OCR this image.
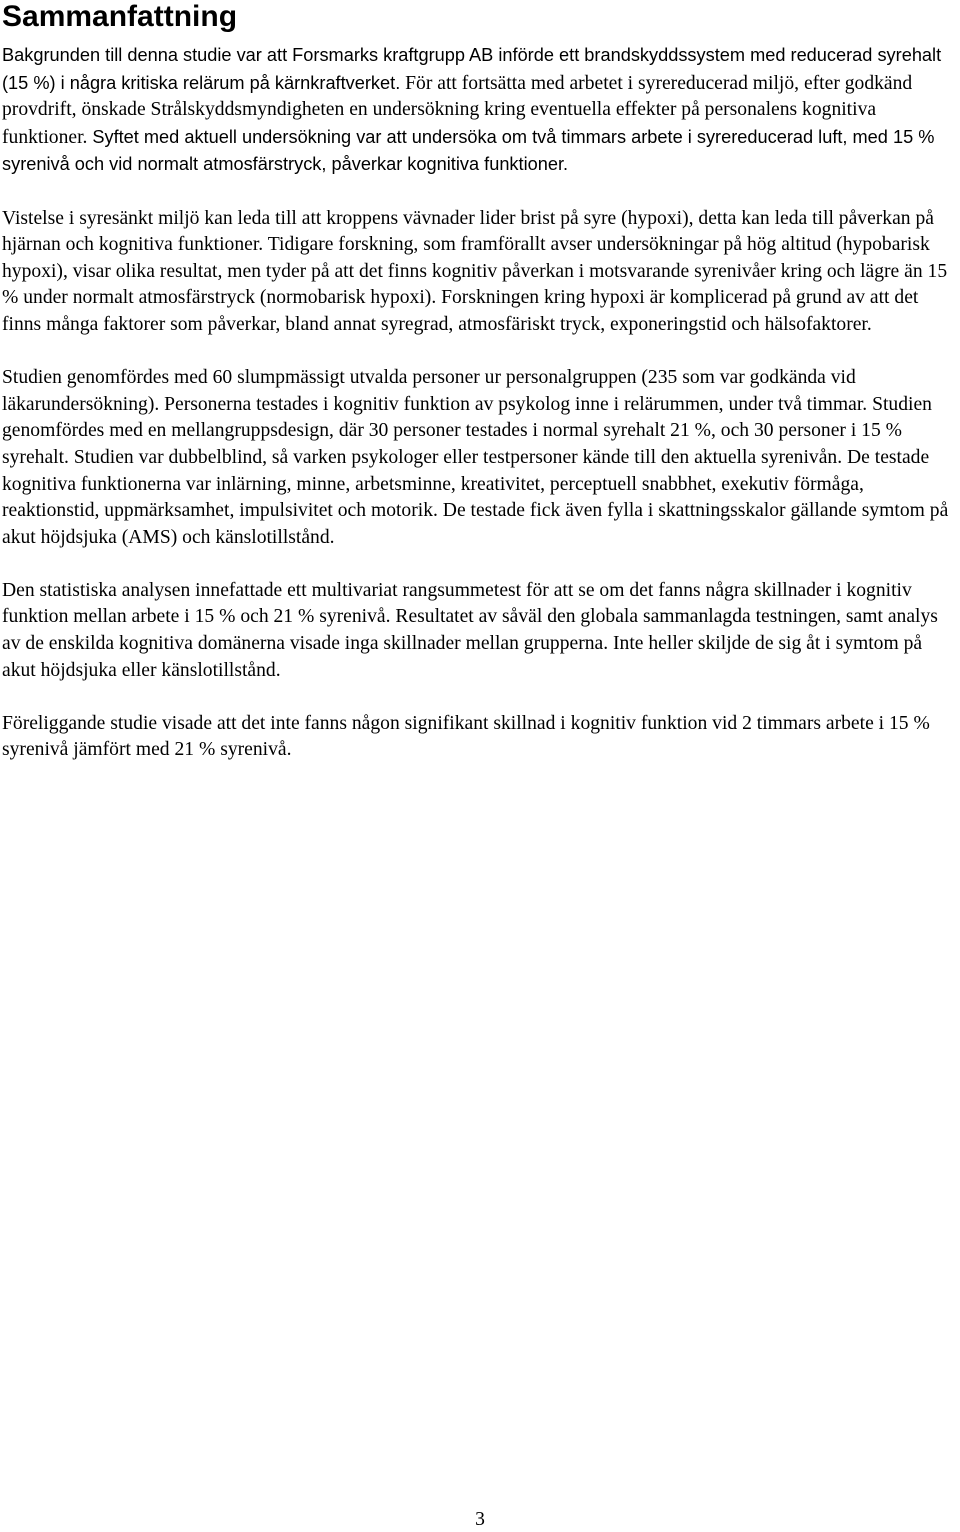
Sammanfattning

Bakgrunden till denna studie var att Forsmarks kraftgrupp AB införde ett brandskyddssystem med reducerad syrehalt (15 %) i några kritiska relärum på kärnkraftverket. För att fortsätta med arbetet i syrereducerad miljö, efter godkänd provdrift, önskade Strålskyddsmyndigheten en undersökning kring eventuella effekter på personalens kognitiva funktioner. Syftet med aktuell undersökning var att undersöka om två timmars arbete i syrereducerad luft, med 15 % syrenivå och vid normalt atmosfärstryck, påverkar kognitiva funktioner.

Vistelse i syresänkt miljö kan leda till att kroppens vävnader lider brist på syre (hypoxi), detta kan leda till påverkan på hjärnan och kognitiva funktioner. Tidigare forskning, som framförallt avser undersökningar på hög altitud (hypobarisk hypoxi), visar olika resultat, men tyder på att det finns kognitiv påverkan i motsvarande syrenivåer kring och lägre än 15 % under normalt atmosfärstryck (normobarisk hypoxi). Forskningen kring hypoxi är komplicerad på grund av att det finns många faktorer som påverkar, bland annat syregrad, atmosfäriskt tryck, exponeringstid och hälsofaktorer.

Studien genomfördes med 60 slumpmässigt utvalda personer ur personalgruppen (235 som var godkända vid läkarundersökning). Personerna testades i kognitiv funktion av psykolog inne i relärummen, under två timmar. Studien genomfördes med en mellangruppsdesign, där 30 personer testades i normal syrehalt 21 %, och 30 personer i 15 % syrehalt. Studien var dubbelblind, så varken psykologer eller testpersoner kände till den aktuella syrenivån. De testade kognitiva funktionerna var inlärning, minne, arbetsminne, kreativitet, perceptuell snabbhet, exekutiv förmåga, reaktionstid, uppmärksamhet, impulsivitet och motorik. De testade fick även fylla i skattningsskalor gällande symtom på akut höjdsjuka (AMS) och känslotillstånd.

Den statistiska analysen innefattade ett multivariat rangsummetest för att se om det fanns några skillnader i kognitiv funktion mellan arbete i 15 % och 21 % syrenivå. Resultatet av såväl den globala sammanlagda testningen, samt analys av de enskilda kognitiva domänerna visade inga skillnader mellan grupperna. Inte heller skiljde de sig åt i symtom på akut höjdsjuka eller känslotillstånd.

Föreliggande studie visade att det inte fanns någon signifikant skillnad i kognitiv funktion vid 2 timmars arbete i 15 % syrenivå jämfört med 21 % syrenivå.

3
